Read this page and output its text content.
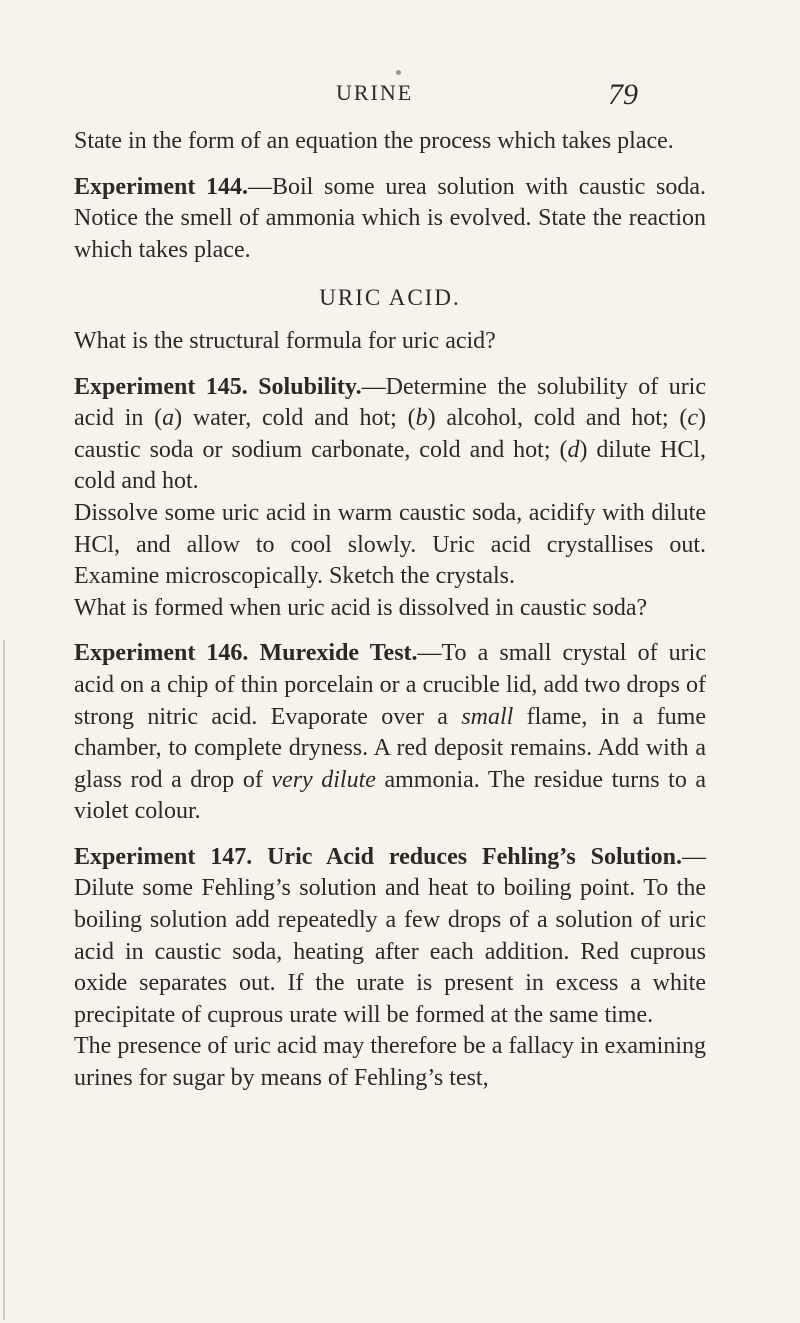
URINE	79

State in the form of an equation the process which takes place.

Experiment 144.—Boil some urea solution with caustic soda. Notice the smell of ammonia which is evolved. State the reaction which takes place.

URIC ACID.

What is the structural formula for uric acid?

Experiment 145. Solubility.—Determine the solubility of uric acid in (a) water, cold and hot; (b) alcohol, cold and hot; (c) caustic soda or sodium carbonate, cold and hot; (d) dilute HCl, cold and hot.

Dissolve some uric acid in warm caustic soda, acidify with dilute HCl, and allow to cool slowly. Uric acid crystallises out. Examine microscopically. Sketch the crystals.

What is formed when uric acid is dissolved in caustic soda?

Experiment 146. Murexide Test.—To a small crystal of uric acid on a chip of thin porcelain or a crucible lid, add two drops of strong nitric acid. Evaporate over a small flame, in a fume chamber, to complete dryness. A red deposit remains. Add with a glass rod a drop of very dilute ammonia. The residue turns to a violet colour.

Experiment 147. Uric Acid reduces Fehling’s Solution.—Dilute some Fehling’s solution and heat to boiling point. To the boiling solution add repeatedly a few drops of a solution of uric acid in caustic soda, heating after each addition. Red cuprous oxide separates out. If the urate is present in excess a white precipitate of cuprous urate will be formed at the same time.

The presence of uric acid may therefore be a fallacy in examining urines for sugar by means of Fehling’s test,
